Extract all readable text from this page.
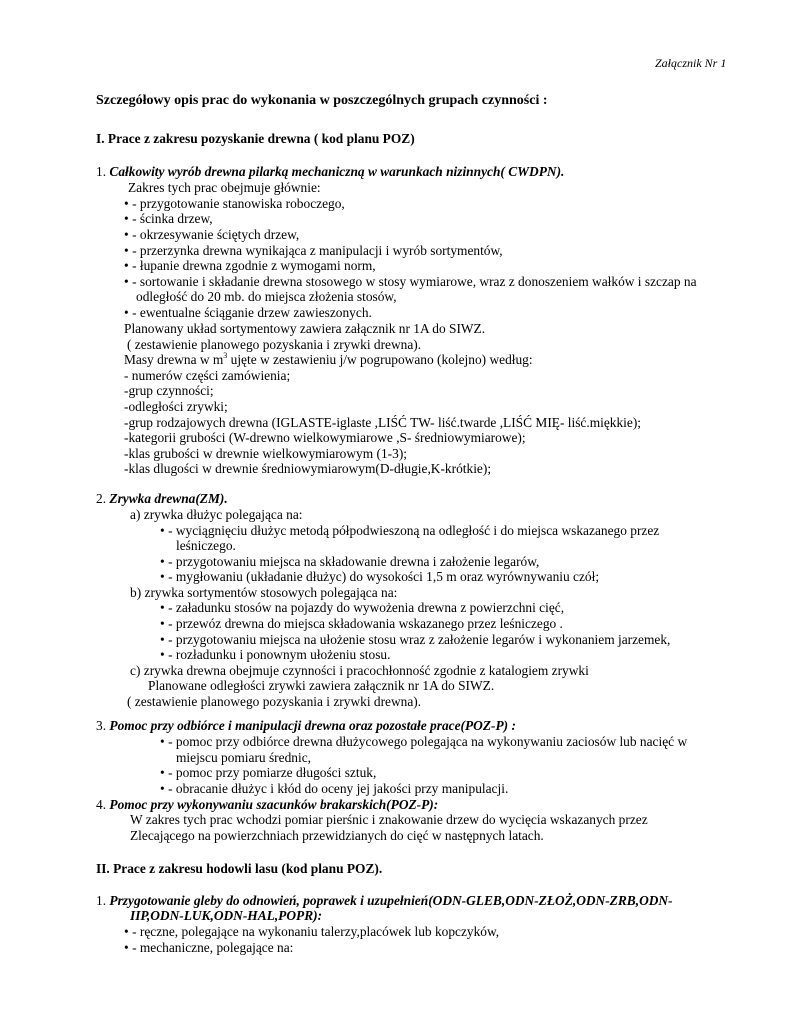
Załącznik Nr 1
Szczegółowy opis prac do wykonania w poszczególnych grupach czynności :
I. Prace z zakresu pozyskanie drewna ( kod planu POZ)
1. Całkowity wyrób drewna pilarką mechaniczną w warunkach nizinnych( CWDPN).
Zakres tych prac obejmuje głównie:
• - przygotowanie stanowiska roboczego,
• - ścinka drzew,
• - okrzesywanie ściętych drzew,
• - przerzynka drewna wynikająca z manipulacji i wyrób sortymentów,
• - łupanie drewna zgodnie z wymogami norm,
• - sortowanie i składanie drewna stosowego w stosy wymiarowe, wraz z donoszeniem wałków i szczap na
odległość do 20 mb. do miejsca złożenia stosów,
• - ewentualne ściąganie drzew zawieszonych.
Planowany układ sortymentowy zawiera załącznik nr 1A do SIWZ.
( zestawienie planowego pozyskania i zrywki drewna).
Masy drewna w $m^3$ ujęte w zestawieniu j/w pogrupowano (kolejno) według:
- numerów części zamówienia;
-grup czynności;
-odległości zrywki;
-grup rodzajowych drewna (IGLASTE-iglaste ,LIŚĆ TW- liść.twarde ,LIŚĆ MIĘ- liść.miękkie);
-kategorii grubości (W-drewno wielkowymiarowe ,S- średniowymiarowe);
-klas grubości w drewnie wielkowymiarowym (1-3);
-klas dlugości w drewnie średniowymiarowym(D-długie,K-krótkie);
2. Zrywka drewna(ZM).
a) zrywka dłużyc polegająca na:
• - wyciągnięciu dłużyc metodą półpodwieszoną na odległość i do miejsca wskazanego przez
leśniczego.
• - przygotowaniu miejsca na składowanie drewna i założenie legarów,
• - mygłowaniu (układanie dłużyc) do wysokości 1,5 m oraz wyrównywaniu czół;
b) zrywka sortymentów stosowych polegająca na:
• - załadunku stosów na pojazdy do wywożenia drewna z powierzchni cięć,
• - przewóz drewna do miejsca składowania wskazanego przez leśniczego .
• - przygotowaniu miejsca na ułożenie stosu wraz z założenie legarów i wykonaniem jarzemek,
• - rozładunku i ponownym ułożeniu stosu.
c) zrywka drewna obejmuje czynności i pracochłonność zgodnie z katalogiem zrywki
Planowane odległości zrywki zawiera załącznik nr 1A do SIWZ.
( zestawienie planowego pozyskania i zrywki drewna).
3. Pomoc przy odbiórce i manipulacji drewna oraz pozostałe prace(POZ-P) :
• - pomoc przy odbiórce drewna dłużycowego polegająca na wykonywaniu zaciosów lub nacięć w
miejscu pomiaru średnic,
• - pomoc przy pomiarze długości sztuk,
• - obracanie dłużyc i kłód do oceny jej jakości przy manipulacji.
4. Pomoc przy wykonywaniu szacunków brakarskich(POZ-P):
W zakres tych prac wchodzi pomiar pierśnic i znakowanie drzew do wycięcia wskazanych przez
Zlecającego na powierzchniach przewidzianych do cięć w następnych latach.
II. Prace z zakresu hodowli lasu (kod planu POZ).
1. Przygotowanie gleby do odnowień, poprawek i uzupełnień(ODN-GLEB,ODN-ZŁOŻ,ODN-ZRB,ODN-
IIP,ODN-LUK,ODN-HAL,POPR):
• - ręczne, polegające na wykonaniu talerzy,placówek lub kopczyków,
• - mechaniczne, polegające na:
